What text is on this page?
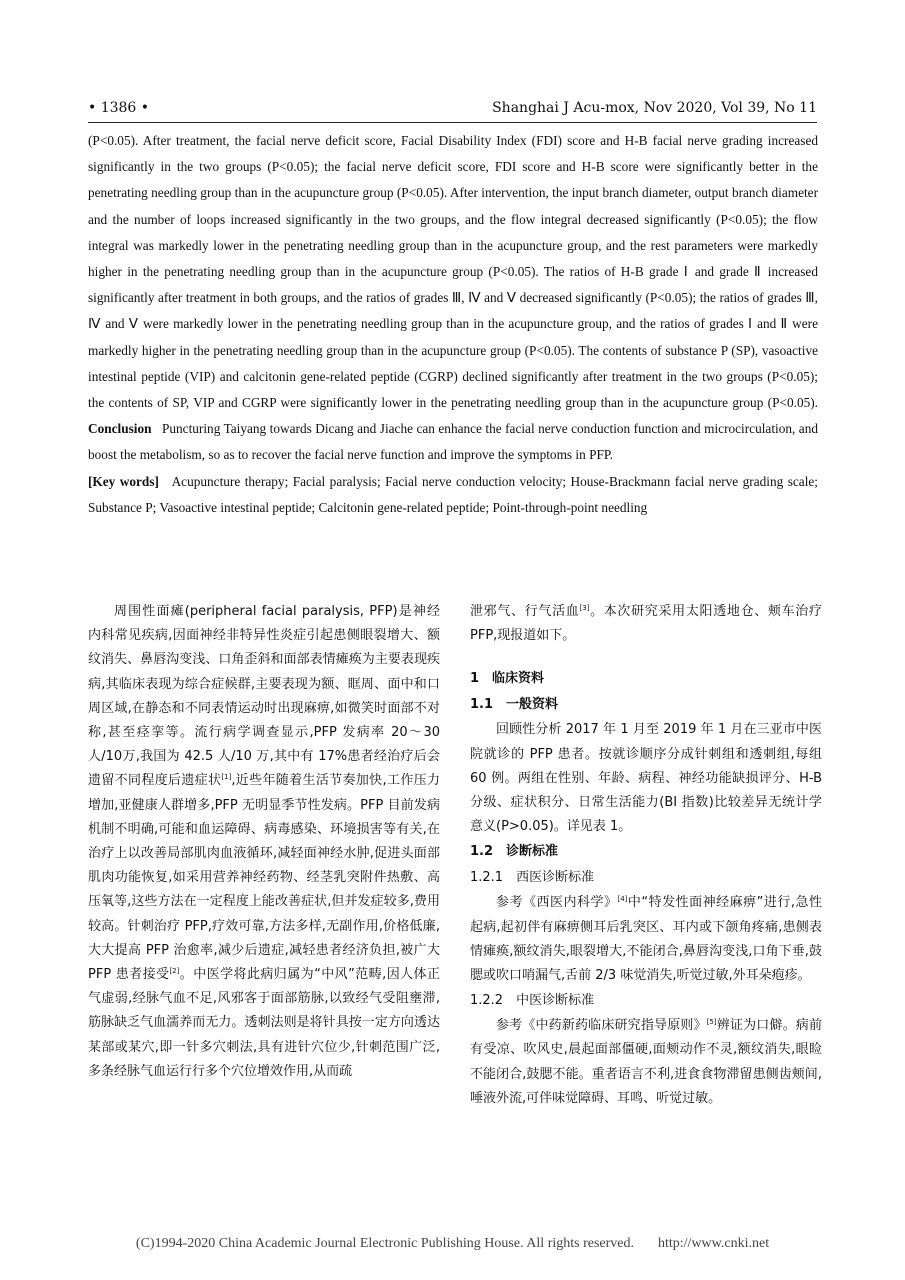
• 1386 •	Shanghai J Acu-mox, Nov 2020, Vol 39, No 11

(P<0.05). After treatment, the facial nerve deficit score, Facial Disability Index (FDI) score and H-B facial nerve grading increased significantly in the two groups (P<0.05); the facial nerve deficit score, FDI score and H-B score were significantly better in the penetrating needling group than in the acupuncture group (P<0.05). After intervention, the input branch diameter, output branch diameter and the number of loops increased significantly in the two groups, and the flow integral decreased significantly (P<0.05); the flow integral was markedly lower in the penetrating needling group than in the acupuncture group, and the rest parameters were markedly higher in the penetrating needling group than in the acupuncture group (P<0.05). The ratios of H-B grade Ⅰ and grade Ⅱ increased significantly after treatment in both groups, and the ratios of grades Ⅲ, Ⅳ and Ⅴ decreased significantly (P<0.05); the ratios of grades Ⅲ, Ⅳ and Ⅴ were markedly lower in the penetrating needling group than in the acupuncture group, and the ratios of grades Ⅰ and Ⅱ were markedly higher in the penetrating needling group than in the acupuncture group (P<0.05). The contents of substance P (SP), vasoactive intestinal peptide (VIP) and calcitonin gene-related peptide (CGRP) declined significantly after treatment in the two groups (P<0.05); the contents of SP, VIP and CGRP were significantly lower in the penetrating needling group than in the acupuncture group (P<0.05). Conclusion Puncturing Taiyang towards Dicang and Jiache can enhance the facial nerve conduction function and microcirculation, and boost the metabolism, so as to recover the facial nerve function and improve the symptoms in PFP.

[Key words] Acupuncture therapy; Facial paralysis; Facial nerve conduction velocity; House-Brackmann facial nerve grading scale; Substance P; Vasoactive intestinal peptide; Calcitonin gene-related peptide; Point-through-point needling

周围性面瘫(peripheral facial paralysis, PFP)是神经内科常见疾病,因面神经非特异性炎症引起患侧眼裂增大、额纹消失、鼻唇沟变浅、口角歪斜和面部表情瘫痪为主要表现疾病,其临床表现为综合症候群,主要表现为额、眶周、面中和口周区域,在静态和不同表情运动时出现麻痹,如微笑时面部不对称,甚至痉挛等。流行病学调查显示,PFP 发病率 20～30 人/10万,我国为 42.5 人/10 万,其中有 17%患者经治疗后会遗留不同程度后遗症状[1],近些年随着生活节奏加快,工作压力增加,亚健康人群增多,PFP 无明显季节性发病。PFP 目前发病机制不明确,可能和血运障碍、病毒感染、环境损害等有关,在治疗上以改善局部肌肉血液循环,减轻面神经水肿,促进头面部肌肉功能恢复,如采用营养神经药物、经茎乳突附件热敷、高压氧等,这些方法在一定程度上能改善症状,但并发症较多,费用较高。针刺治疗 PFP,疗效可靠,方法多样,无副作用,价格低廉,大大提高 PFP 治愈率,减少后遗症,减轻患者经济负担,被广大 PFP 患者接受[2]。中医学将此病归属为“中风”范畴,因人体正气虚弱,经脉气血不足,风邪客于面部筋脉,以致经气受阻壅滞,筋脉缺乏气血濡养而无力。透刺法则是将针具按一定方向透达某部或某穴,即一针多穴刺法,具有进针穴位少,针刺范围广泛,多条经脉气血运行行多个穴位增效作用,从而疏

泄邪气、行气活血[3]。本次研究采用太阳透地仓、颊车治疗 PFP,现报道如下。

1　临床资料
1.1　一般资料

回顾性分析 2017 年 1 月至 2019 年 1 月在三亚市中医院就诊的 PFP 患者。按就诊顺序分成针刺组和透刺组,每组 60 例。两组在性别、年龄、病程、神经功能缺损评分、H-B 分级、症状积分、日常生活能力(BI 指数)比较差异无统计学意义(P>0.05)。详见表 1。

1.2　诊断标准
1.2.1　西医诊断标准

参考《西医内科学》[4]中“特发性面神经麻痹”进行,急性起病,起初伴有麻痹侧耳后乳突区、耳内或下颌角疼痛,患侧表情瘫痪,额纹消失,眼裂增大,不能闭合,鼻唇沟变浅,口角下垂,鼓腮或吹口哨漏气,舌前 2/3 味觉消失,听觉过敏,外耳朵疱疹。

1.2.2　中医诊断标准

参考《中药新药临床研究指导原则》[5]辨证为口僻。病前有受凉、吹风史,晨起面部僵硬,面颊动作不灵,额纹消失,眼睑不能闭合,鼓腮不能。重者语言不利,进食食物滞留患侧齿颊间,唾液外流,可伴味觉障碍、耳鸣、听觉过敏。

(C)1994-2020 China Academic Journal Electronic Publishing House. All rights reserved. http://www.cnki.net
